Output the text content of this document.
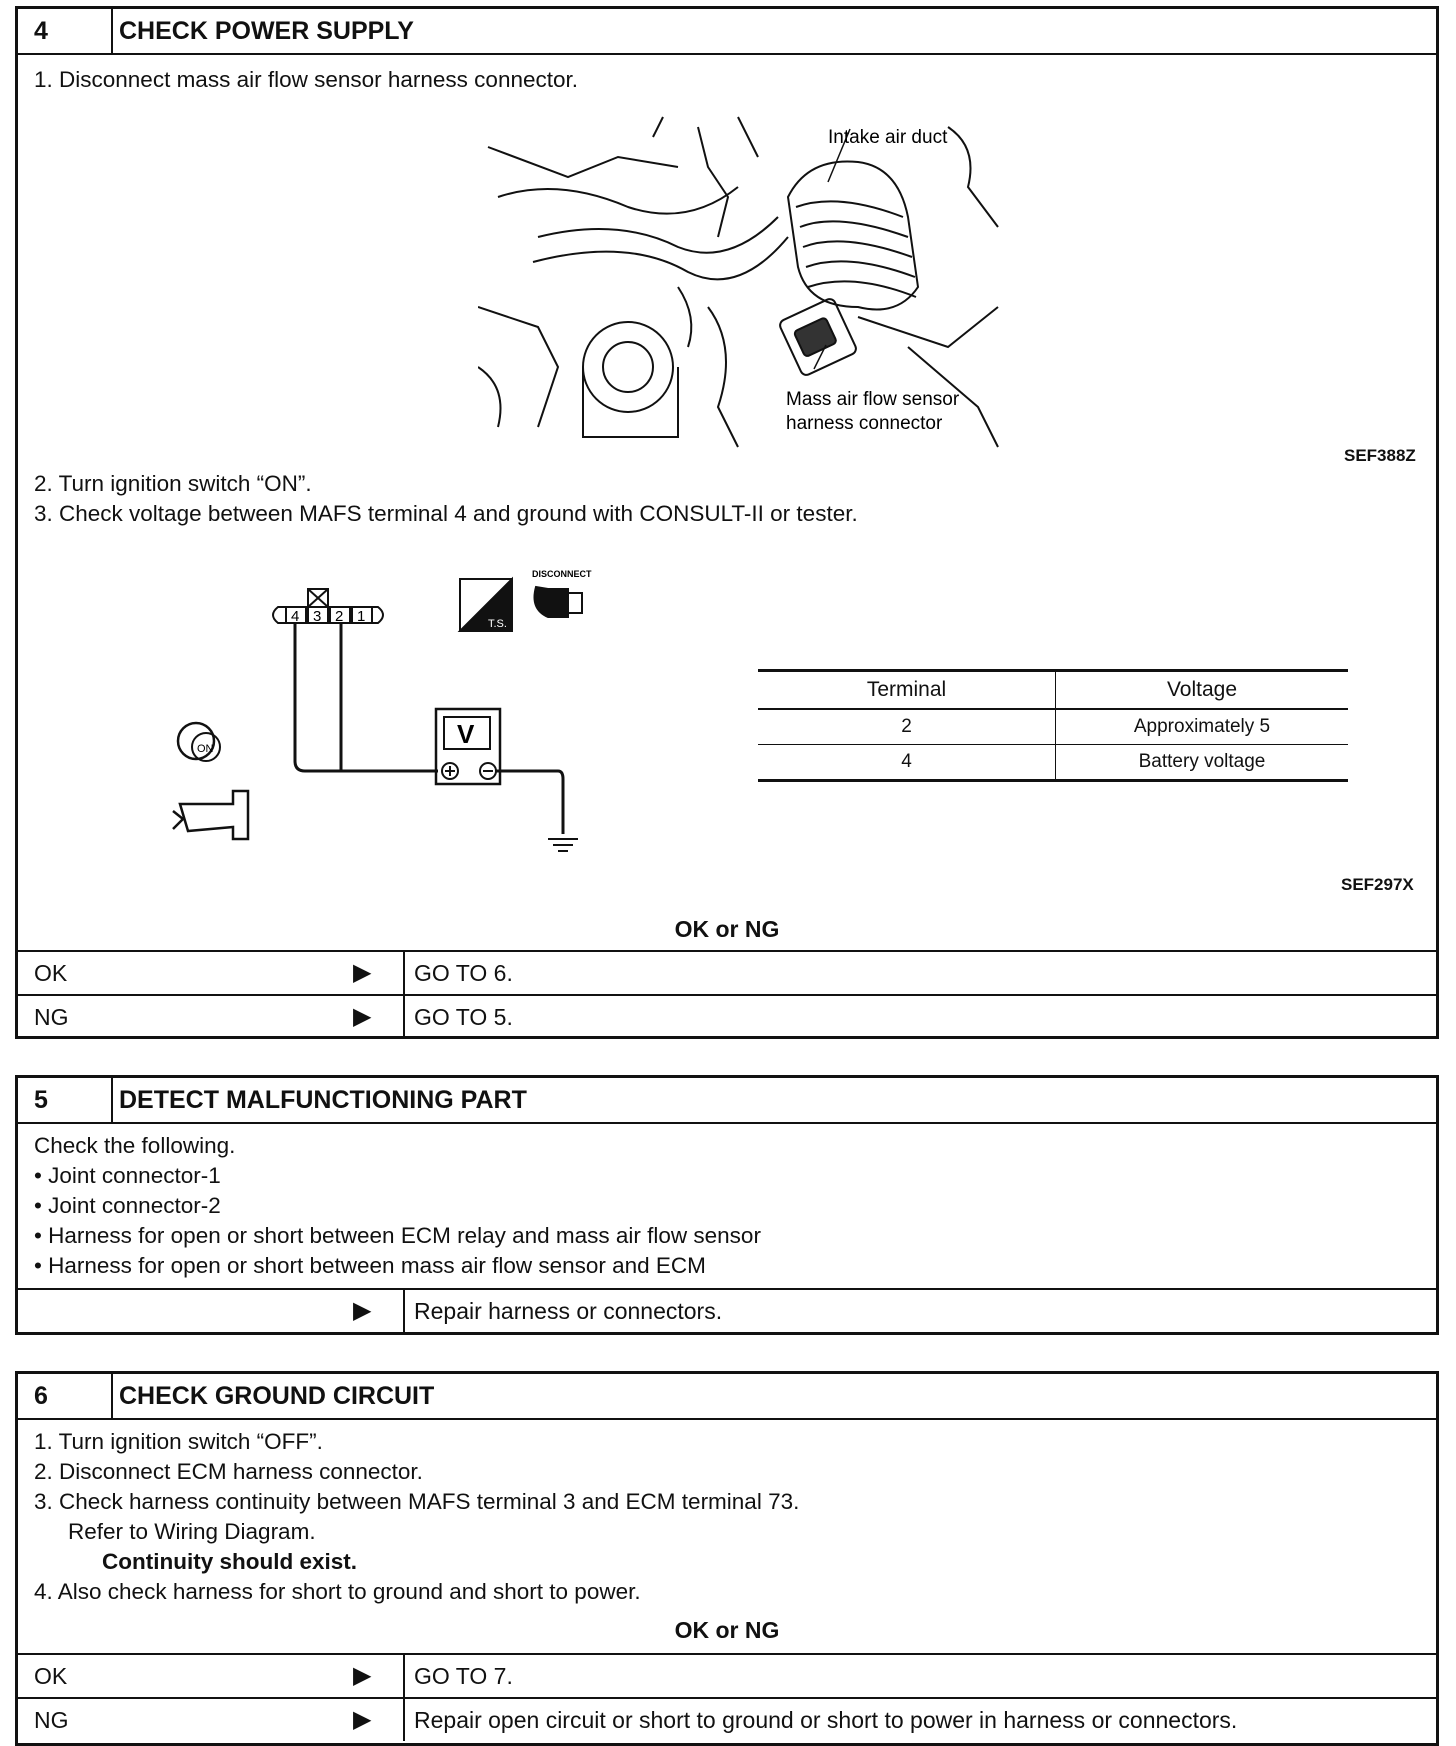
4	CHECK POWER SUPPLY
1. Disconnect mass air flow sensor harness connector.
Intake air duct
Mass air flow sensor
harness connector
SEF388Z
2. Turn ignition switch “ON”.
3. Check voltage between MAFS terminal 4 and ground with CONSULT-II or tester.
4 3 2 1
V
ON
T.S.
DISCONNECT
Terminal	Voltage
2	Approximately 5
4	Battery voltage
SEF297X
OK or NG
OK	▶ GO TO 6.
NG	▶ GO TO 5.
5	DETECT MALFUNCTIONING PART
Check the following.
• Joint connector-1
• Joint connector-2
• Harness for open or short between ECM relay and mass air flow sensor
• Harness for open or short between mass air flow sensor and ECM
▶ Repair harness or connectors.
6	CHECK GROUND CIRCUIT
1. Turn ignition switch “OFF”.
2. Disconnect ECM harness connector.
3. Check harness continuity between MAFS terminal 3 and ECM terminal 73.
Refer to Wiring Diagram.
Continuity should exist.
4. Also check harness for short to ground and short to power.
OK or NG
OK	▶ GO TO 7.
NG	▶ Repair open circuit or short to ground or short to power in harness or connectors.
